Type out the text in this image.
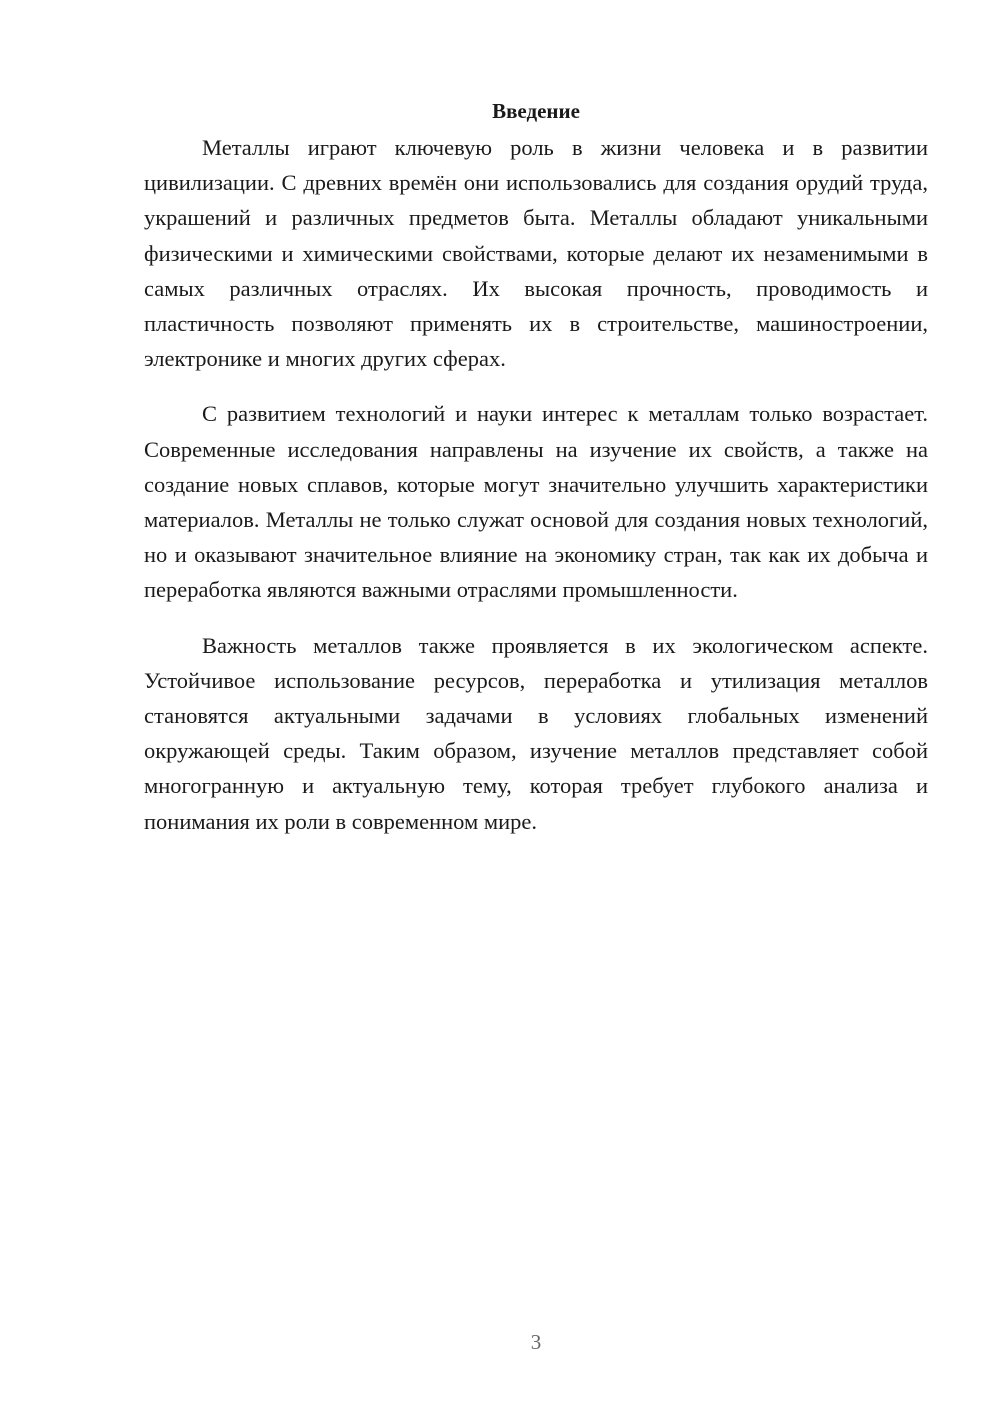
Введение

Металлы играют ключевую роль в жизни человека и в развитии цивилизации. С древних времён они использовались для создания орудий труда, украшений и различных предметов быта. Металлы обладают уникальными физическими и химическими свойствами, которые делают их незаменимыми в самых различных отраслях. Их высокая прочность, проводимость и пластичность позволяют применять их в строительстве, машиностроении, электронике и многих других сферах.

С развитием технологий и науки интерес к металлам только возрастает. Современные исследования направлены на изучение их свойств, а также на создание новых сплавов, которые могут значительно улучшить характеристики материалов. Металлы не только служат основой для создания новых технологий, но и оказывают значительное влияние на экономику стран, так как их добыча и переработка являются важными отраслями промышленности.

Важность металлов также проявляется в их экологическом аспекте. Устойчивое использование ресурсов, переработка и утилизация металлов становятся актуальными задачами в условиях глобальных изменений окружающей среды. Таким образом, изучение металлов представляет собой многогранную и актуальную тему, которая требует глубокого анализа и понимания их роли в современном мире.

3
